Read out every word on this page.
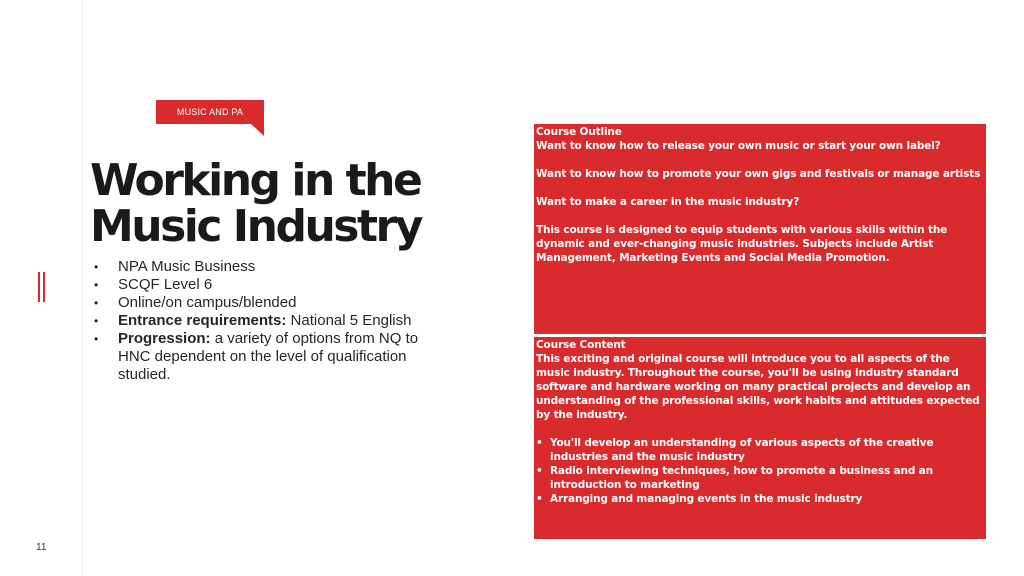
MUSIC AND PA
Working in the
Music Industry
• NPA Music Business
• SCQF Level 6
• Online/on campus/blended
• Entrance requirements: National 5 English
• Progression: a variety of options from NQ to HNC dependent on the level of qualification studied.

Course Outline

Want to know how to release your own music or start your own label?

Want to know how to promote your own gigs and festivals or manage artists

Want to make a career in the music industry?

This course is designed to equip students with various skills within the dynamic and ever-changing music industries. Subjects include Artist Management, Marketing Events and Social Media Promotion.

Course Content

This exciting and original course will introduce you to all aspects of the music industry. Throughout the course, you'll be using industry standard software and hardware working on many practical projects and develop an understanding of the professional skills, work habits and attitudes expected by the industry.

• You'll develop an understanding of various aspects of the creative industries and the music industry
• Radio interviewing techniques, how to promote a business and an introduction to marketing
• Arranging and managing events in the music industry
11
